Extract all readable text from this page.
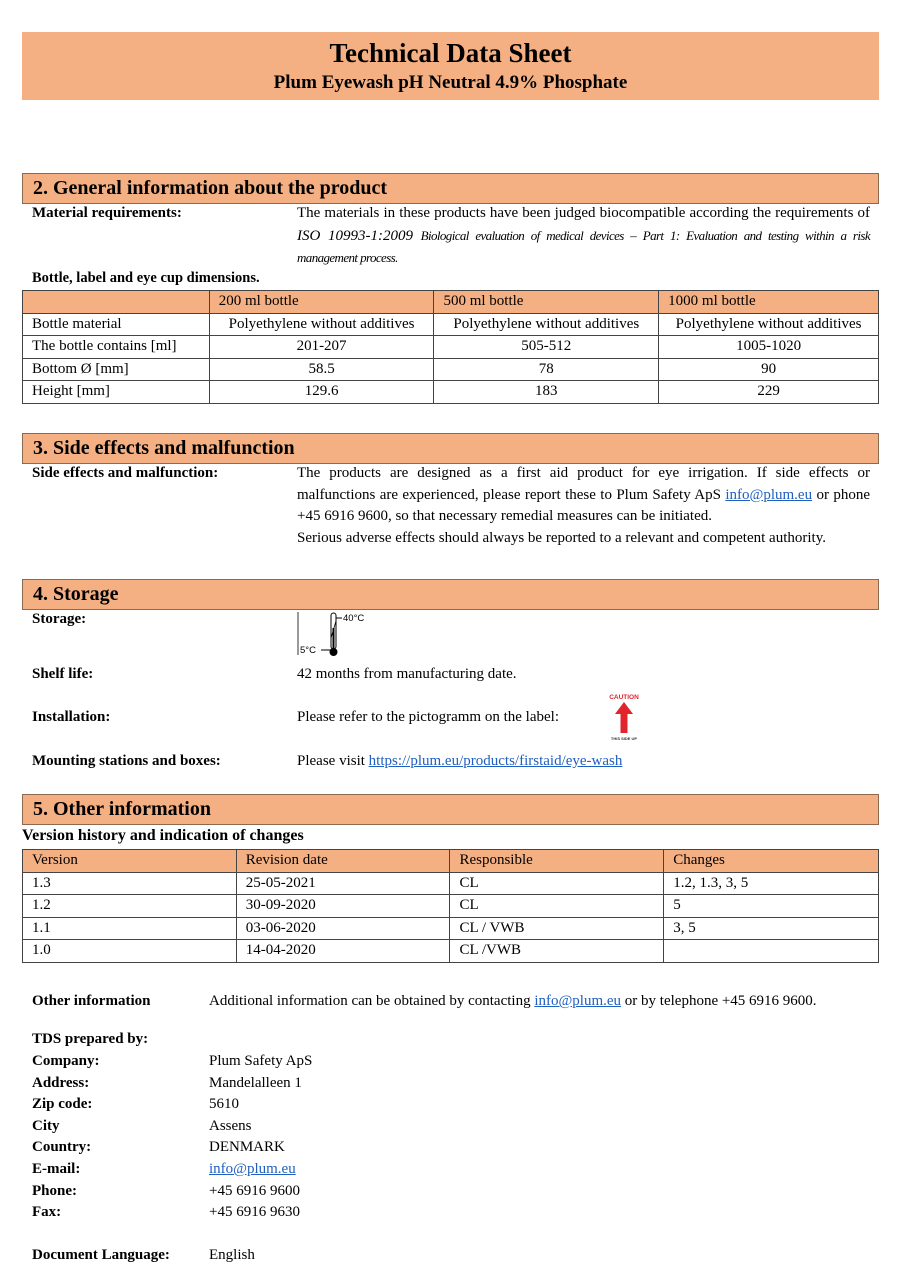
Technical Data Sheet
Plum Eyewash pH Neutral 4.9% Phosphate
2. General information about the product
Material requirements:	The materials in these products have been judged biocompatible according the requirements of ISO 10993-1:2009 Biological evaluation of medical devices – Part 1: Evaluation and testing within a risk management process.
Bottle, label and eye cup dimensions.
	200 ml bottle	500 ml bottle	1000 ml bottle
Bottle material	Polyethylene without additives	Polyethylene without additives	Polyethylene without additives
The bottle contains [ml]	201-207	505-512	1005-1020
Bottom Ø [mm]	58.5	78	90
Height [mm]	129.6	183	229
3. Side effects and malfunction
Side effects and malfunction:	The products are designed as a first aid product for eye irrigation. If side effects or malfunctions are experienced, please report these to Plum Safety ApS info@plum.eu or phone +45 6916 9600, so that necessary remedial measures can be initiated.
Serious adverse effects should always be reported to a relevant and competent authority.
4. Storage
Storage:	40°C
5°C
Shelf life:	42 months from manufacturing date.
Installation:	Please refer to the pictogramm on the label:
CAUTION
THIS SIDE UP
Mounting stations and boxes:	Please visit https://plum.eu/products/firstaid/eye-wash
5. Other information
Version history and indication of changes
Version	Revision date	Responsible	Changes
1.3	25-05-2021	CL	1.2, 1.3, 3, 5
1.2	30-09-2020	CL	5
1.1	03-06-2020	CL / VWB	3, 5
1.0	14-04-2020	CL /VWB	
Other information	Additional information can be obtained by contacting info@plum.eu or by telephone +45 6916 9600.
TDS prepared by:
Company:	Plum Safety ApS
Address:	Mandelalleen 1
Zip code:	5610
City	Assens
Country:	DENMARK
E-mail:	info@plum.eu
Phone:	+45 6916 9600
Fax:	+45 6916 9630
Document Language:	English
